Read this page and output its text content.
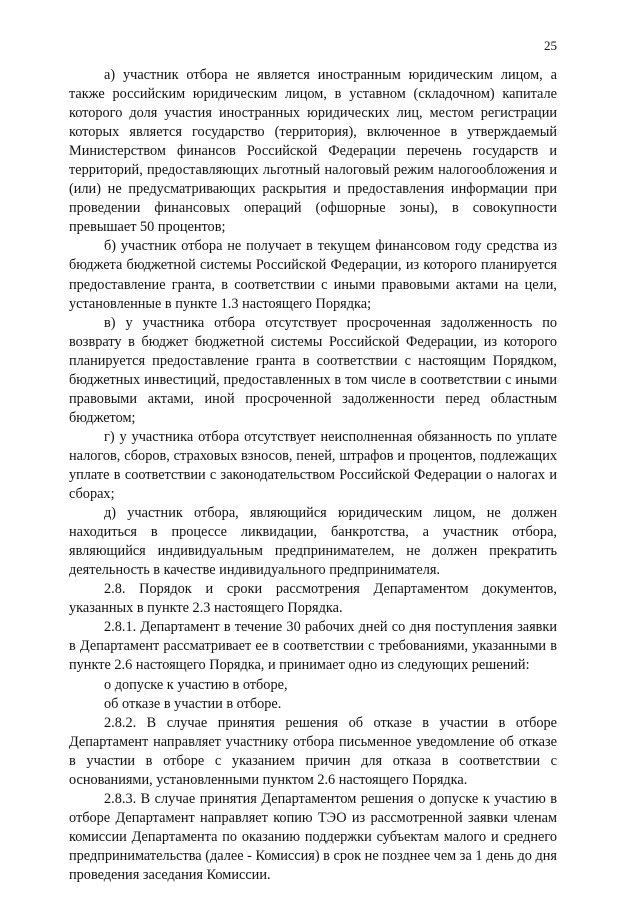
25

а) участник отбора не является иностранным юридическим лицом, а также российским юридическим лицом, в уставном (складочном) капитале которого доля участия иностранных юридических лиц, местом регистрации которых является государство (территория), включенное в утверждаемый Министерством финансов Российской Федерации перечень государств и территорий, предоставляющих льготный налоговый режим налогообложения и (или) не предусматривающих раскрытия и предоставления информации при проведении финансовых операций (офшорные зоны), в совокупности превышает 50 процентов;

б) участник отбора не получает в текущем финансовом году средства из бюджета бюджетной системы Российской Федерации, из которого планируется предоставление гранта, в соответствии с иными правовыми актами на цели, установленные в пункте 1.3 настоящего Порядка;

в) у участника отбора отсутствует просроченная задолженность по возврату в бюджет бюджетной системы Российской Федерации, из которого планируется предоставление гранта в соответствии с настоящим Порядком, бюджетных инвестиций, предоставленных в том числе в соответствии с иными правовыми актами, иной просроченной задолженности перед областным бюджетом;

г) у участника отбора отсутствует неисполненная обязанность по уплате налогов, сборов, страховых взносов, пеней, штрафов и процентов, подлежащих уплате в соответствии с законодательством Российской Федерации о налогах и сборах;

д) участник отбора, являющийся юридическим лицом, не должен находиться в процессе ликвидации, банкротства, а участник отбора, являющийся индивидуальным предпринимателем, не должен прекратить деятельность в качестве индивидуального предпринимателя.

2.8. Порядок и сроки рассмотрения Департаментом документов, указанных в пункте 2.3 настоящего Порядка.

2.8.1. Департамент в течение 30 рабочих дней со дня поступления заявки в Департамент рассматривает ее в соответствии с требованиями, указанными в пункте 2.6 настоящего Порядка, и принимает одно из следующих решений:

о допуске к участию в отборе,

об отказе в участии в отборе.

2.8.2. В случае принятия решения об отказе в участии в отборе Департамент направляет участнику отбора письменное уведомление об отказе в участии в отборе с указанием причин для отказа в соответствии с основаниями, установленными пунктом 2.6 настоящего Порядка.

2.8.3. В случае принятия Департаментом решения о допуске к участию в отборе Департамент направляет копию ТЭО из рассмотренной заявки членам комиссии Департамента по оказанию поддержки субъектам малого и среднего предпринимательства (далее - Комиссия) в срок не позднее чем за 1 день до дня проведения заседания Комиссии.
